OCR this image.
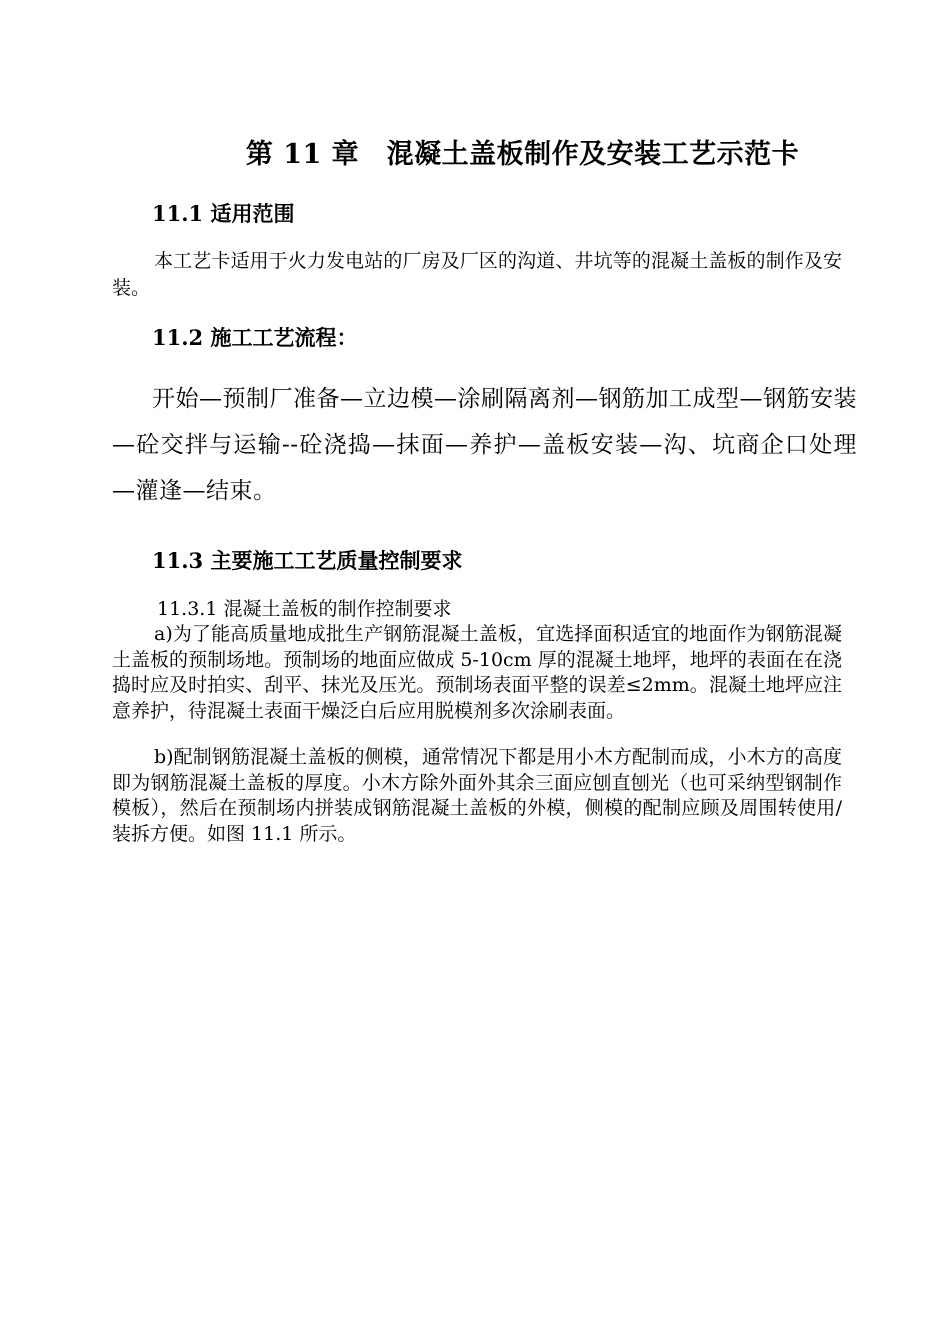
第 11 章　混凝土盖板制作及安装工艺示范卡
11.1 适用范围
本工艺卡适用于火力发电站的厂房及厂区的沟道、井坑等的混凝土盖板的制作及安装。
11.2 施工工艺流程：
开始—预制厂准备—立边模—涂刷隔离剂—钢筋加工成型—钢筋安装—砼交拌与运输--砼浇捣—抹面—养护—盖板安装—沟、坑商企口处理—灌逢—结束。
11.3 主要施工工艺质量控制要求
11.3.1 混凝土盖板的制作控制要求
a)为了能高质量地成批生产钢筋混凝土盖板，宜选择面积适宜的地面作为钢筋混凝土盖板的预制场地。预制场的地面应做成 5-10cm 厚的混凝土地坪，地坪的表面在在浇捣时应及时拍实、刮平、抹光及压光。预制场表面平整的误差≤2mm。混凝土地坪应注意养护，待混凝土表面干燥泛白后应用脱模剂多次涂刷表面。
b)配制钢筋混凝土盖板的侧模，通常情况下都是用小木方配制而成，小木方的高度即为钢筋混凝土盖板的厚度。小木方除外面外其余三面应刨直刨光（也可采纳型钢制作模板），然后在预制场内拼装成钢筋混凝土盖板的外模，侧模的配制应顾及周围转使用/装拆方便。如图 11.1 所示。
